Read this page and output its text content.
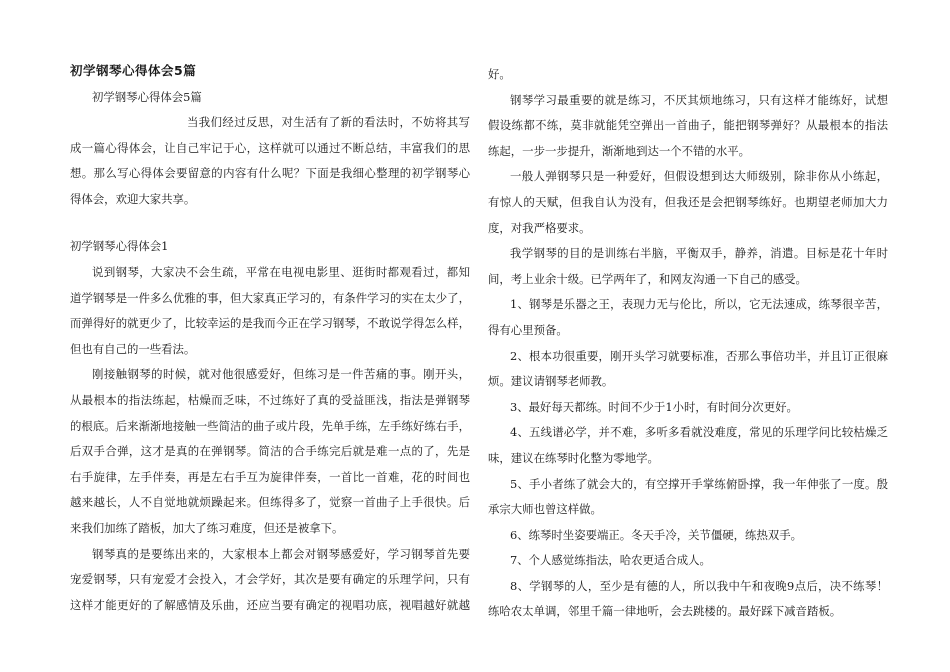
初学钢琴心得体会5篇
初学钢琴心得体会5篇
当我们经过反思，对生活有了新的看法时，不妨将其写
成一篇心得体会，让自己牢记于心，这样就可以通过不断总结，丰富我们的思
想。那么写心得体会要留意的内容有什么呢？下面是我细心整理的初学钢琴心
得体会，欢迎大家共享。
初学钢琴心得体会1
说到钢琴，大家决不会生疏，平常在电视电影里、逛街时都观看过，都知
道学钢琴是一件多么优雅的事，但大家真正学习的，有条件学习的实在太少了，
而弹得好的就更少了，比较幸运的是我而今正在学习钢琴，不敢说学得怎么样，
但也有自己的一些看法。
刚接触钢琴的时候，就对他很感爱好，但练习是一件苦痛的事。刚开头，
从最根本的指法练起，枯燥而乏味，不过练好了真的受益匪浅，指法是弹钢琴
的根底。后来渐渐地接触一些简洁的曲子或片段，先单手练，左手练好练右手，
后双手合弹，这才是真的在弹钢琴。简洁的合手练完后就是难一点的了，先是
右手旋律，左手伴奏，再是左右手互为旋律伴奏，一首比一首难，花的时间也
越来越长，人不自觉地就烦躁起来。但练得多了，觉察一首曲子上手很快。后
来我们加练了踏板，加大了练习难度，但还是被拿下。
钢琴真的是要练出来的，大家根本上都会对钢琴感爱好，学习钢琴首先要
宠爱钢琴，只有宠爱才会投入，才会学好，其次是要有确定的乐理学问，只有
这样才能更好的了解感情及乐曲，还应当要有确定的视唱功底，视唱越好就越
好。
钢琴学习最重要的就是练习，不厌其烦地练习，只有这样才能练好，试想
假设练都不练，莫非就能凭空弹出一首曲子，能把钢琴弹好？从最根本的指法
练起，一步一步提升，渐渐地到达一个不错的水平。
一般人弹钢琴只是一种爱好，但假设想到达大师级别，除非你从小练起，
有惊人的天赋，但我自认为没有，但我还是会把钢琴练好。也期望老师加大力
度，对我严格要求。
我学钢琴的目的是训练右半脑，平衡双手，静养，消遣。目标是花十年时
间，考上业余十级。已学两年了，和网友沟通一下自己的感受。
1、钢琴是乐器之王，表现力无与伦比，所以，它无法速成，练琴很辛苦，
得有心里预备。
2、根本功很重要，刚开头学习就要标准，否那么事倍功半，并且订正很麻
烦。建议请钢琴老师教。
3、最好每天都练。时间不少于1小时，有时间分次更好。
4、五线谱必学，并不难，多听多看就没难度，常见的乐理学问比较枯燥乏
味，建议在练琴时化整为零地学。
5、手小者练了就会大的，有空撑开手掌练俯卧撑，我一年伸张了一度。殷
承宗大师也曾这样做。
6、练琴时坐姿要端正。冬天手冷，关节僵硬，练热双手。
7、个人感觉练指法，哈农更适合成人。
8、学钢琴的人，至少是有德的人，所以我中午和夜晚9点后，决不练琴！
练哈农太单调，邻里千篇一律地听，会去跳楼的。最好踩下减音踏板。
